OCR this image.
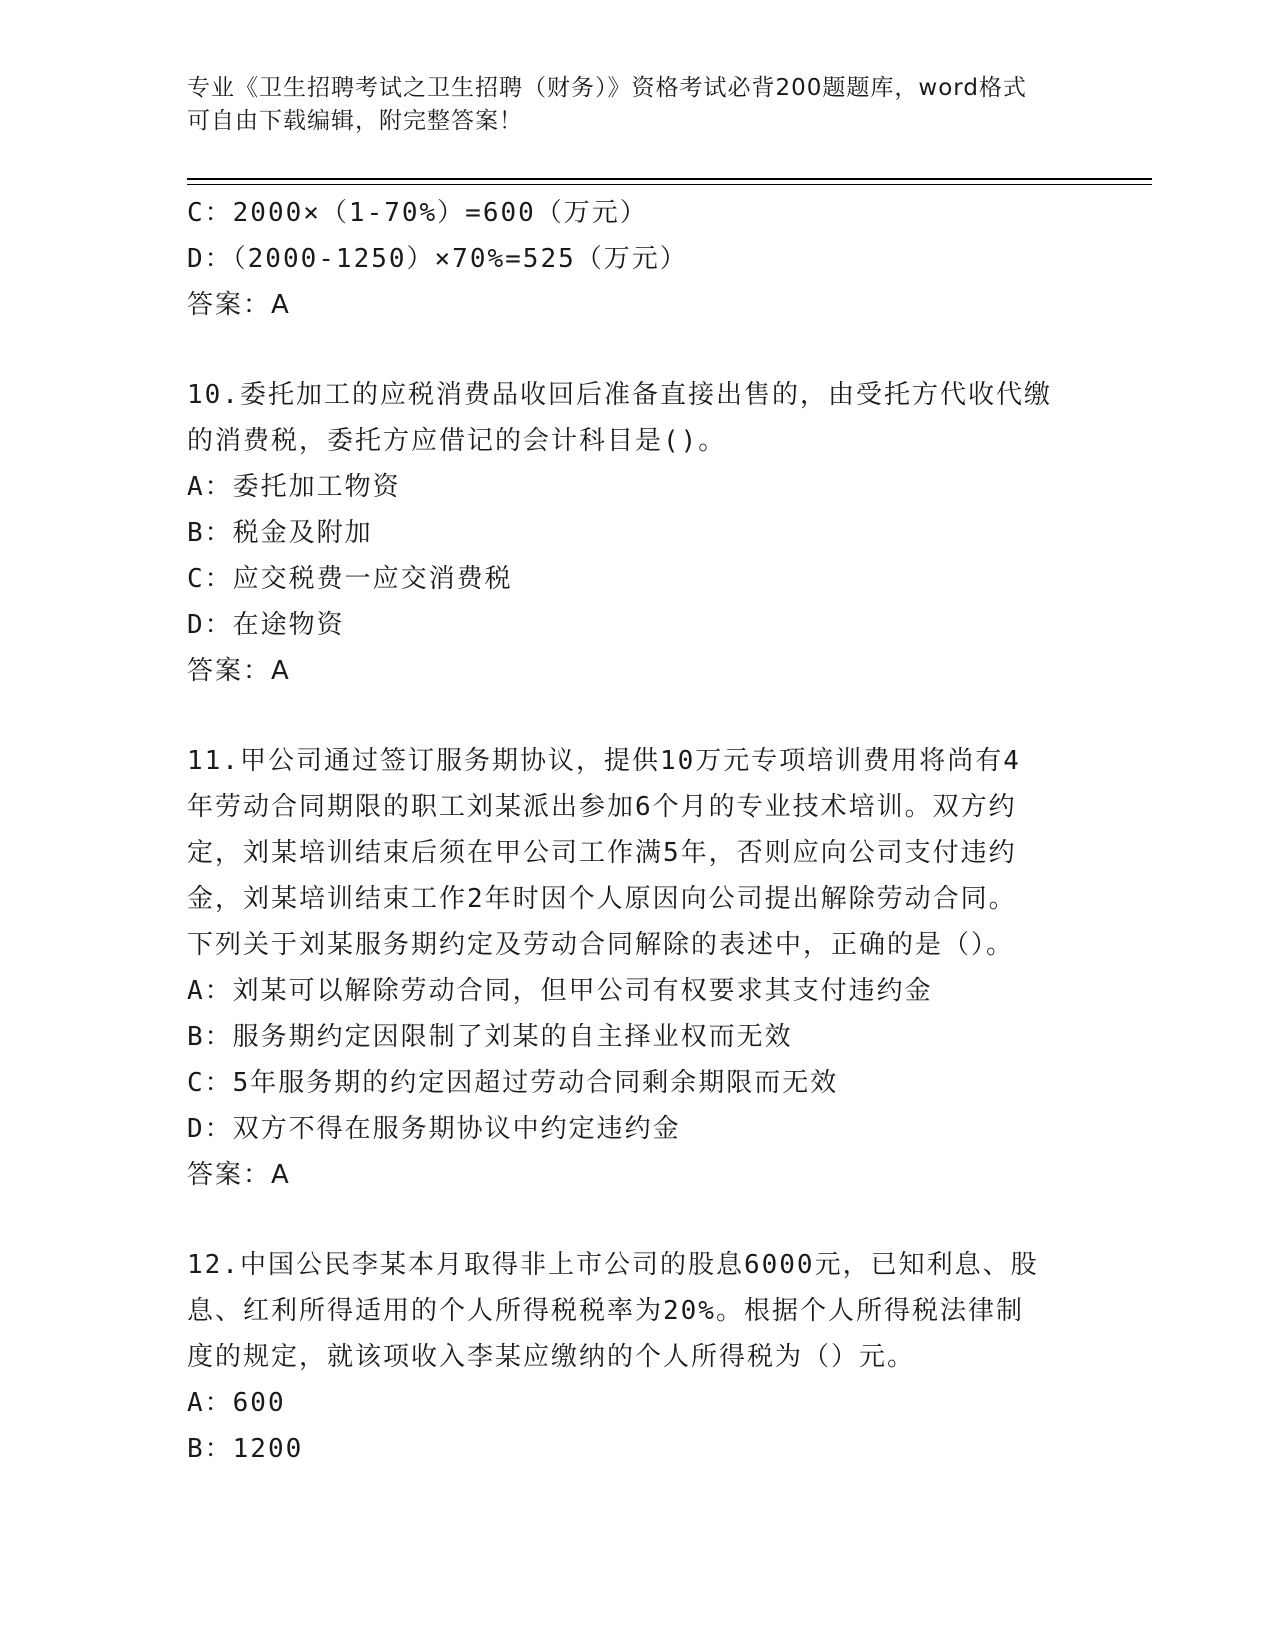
专业《卫生招聘考试之卫生招聘（财务）》资格考试必背200题题库，word格式
可自由下载编辑，附完整答案！
C：2000×（1-70%）=600（万元）
D：（2000-1250）×70%=525（万元）
答案：A
10.委托加工的应税消费品收回后准备直接出售的，由受托方代收代缴
的消费税，委托方应借记的会计科目是()。
A：委托加工物资
B：税金及附加
C：应交税费一应交消费税
D：在途物资
答案：A
11.甲公司通过签订服务期协议，提供10万元专项培训费用将尚有4
年劳动合同期限的职工刘某派出参加6个月的专业技术培训。双方约
定，刘某培训结束后须在甲公司工作满5年，否则应向公司支付违约
金，刘某培训结束工作2年时因个人原因向公司提出解除劳动合同。
下列关于刘某服务期约定及劳动合同解除的表述中，正确的是（）。
A：刘某可以解除劳动合同，但甲公司有权要求其支付违约金
B：服务期约定因限制了刘某的自主择业权而无效
C：5年服务期的约定因超过劳动合同剩余期限而无效
D：双方不得在服务期协议中约定违约金
答案：A
12.中国公民李某本月取得非上市公司的股息6000元，已知利息、股
息、红利所得适用的个人所得税税率为20%。根据个人所得税法律制
度的规定，就该项收入李某应缴纳的个人所得税为（）元。
A：600
B：1200
